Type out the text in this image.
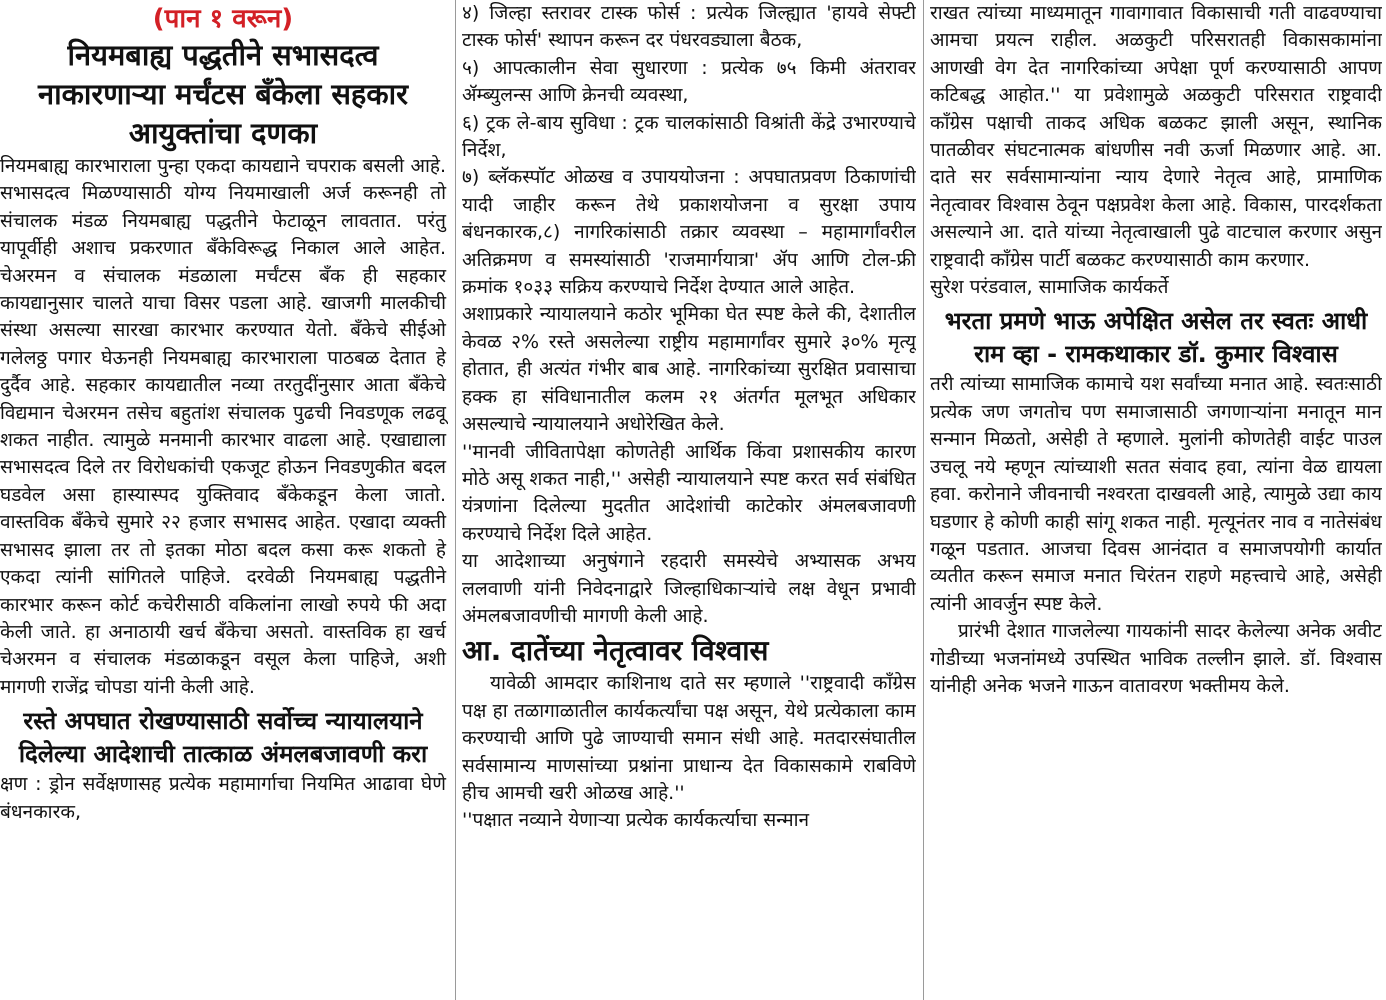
(पान १ वरून)

नियमबाह्य पद्धतीने सभासदत्व नाकारणाऱ्या मर्चंटस बँकेला सहकार आयुक्तांचा दणका

नियमबाह्य कारभाराला पुन्हा एकदा कायद्याने चपराक बसली आहे. सभासदत्व मिळण्यासाठी योग्य नियमाखाली अर्ज करूनही तो संचालक मंडळ नियमबाह्य पद्धतीने फेटाळून लावतात. परंतु यापूर्वीही अशाच प्रकरणात बँकेविरूद्ध निकाल आले आहेत. चेअरमन व संचालक मंडळाला मर्चंटस बँक ही सहकार कायद्यानुसार चालते याचा विसर पडला आहे. खाजगी मालकीची संस्था असल्या सारखा कारभार करण्यात येतो. बँकेचे सीईओ गलेलठ्ठ पगार घेऊनही नियमबाह्य कारभाराला पाठबळ देतात हे दुर्दैव आहे. सहकार कायद्यातील नव्या तरतुदींनुसार आता बँकेचे विद्यमान चेअरमन तसेच बहुतांश संचालक पुढची निवडणूक लढवू शकत नाहीत. त्यामुळे मनमानी कारभार वाढला आहे. एखाद्याला सभासदत्व दिले तर विरोधकांची एकजूट होऊन निवडणुकीत बदल घडवेल असा हास्यास्पद युक्तिवाद बँकेकडून केला जातो. वास्तविक बँकेचे सुमारे २२ हजार सभासद आहेत. एखादा व्यक्ती सभासद झाला तर तो इतका मोठा बदल कसा करू शकतो हे एकदा त्यांनी सांगितले पाहिजे. दरवेळी नियमबाह्य पद्धतीने कारभार करून कोर्ट कचेरीसाठी वकिलांना लाखो रुपये फी अदा केली जाते. हा अनाठायी खर्च बँकेचा असतो. वास्तविक हा खर्च चेअरमन व संचालक मंडळाकडून वसूल केला पाहिजे, अशी मागणी राजेंद्र चोपडा यांनी केली आहे.

रस्ते अपघात रोखण्यासाठी सर्वोच्च न्यायालयाने दिलेल्या आदेशाची तात्काळ अंमलबजावणी करा

क्षण : ड्रोन सर्वेक्षणासह प्रत्येक महामार्गाचा नियमित आढावा घेणे बंधनकारक,

४) जिल्हा स्तरावर टास्क फोर्स : प्रत्येक जिल्ह्यात 'हायवे सेफ्टी टास्क फोर्स' स्थापन करून दर पंधरवड्याला बैठक,

५) आपत्कालीन सेवा सुधारणा : प्रत्येक ७५ किमी अंतरावर ॲम्ब्युलन्स आणि क्रेनची व्यवस्था,

६) ट्रक ले-बाय सुविधा : ट्रक चालकांसाठी विश्रांती केंद्रे उभारण्याचे निर्देश,

७) ब्लॅकस्पॉट ओळख व उपाययोजना : अपघातप्रवण ठिकाणांची यादी जाहीर करून तेथे प्रकाशयोजना व सुरक्षा उपाय बंधनकारक,८) नागरिकांसाठी तक्रार व्यवस्था – महामार्गांवरील अतिक्रमण व समस्यांसाठी 'राजमार्गयात्रा' ॲप आणि टोल-फ्री क्रमांक १०३३ सक्रिय करण्याचे निर्देश देण्यात आले आहेत.

अशाप्रकारे न्यायालयाने कठोर भूमिका घेत स्पष्ट केले की, देशातील केवळ २% रस्ते असलेल्या राष्ट्रीय महामार्गांवर सुमारे ३०% मृत्यू होतात, ही अत्यंत गंभीर बाब आहे. नागरिकांच्या सुरक्षित प्रवासाचा हक्क हा संविधानातील कलम २१ अंतर्गत मूलभूत अधिकार असल्याचे न्यायालयाने अधोरेखित केले.

''मानवी जीवितापेक्षा कोणतेही आर्थिक किंवा प्रशासकीय कारण मोठे असू शकत नाही,'' असेही न्यायालयाने स्पष्ट करत सर्व संबंधित यंत्रणांना दिलेल्या मुदतीत आदेशांची काटेकोर अंमलबजावणी करण्याचे निर्देश दिले आहेत.

या आदेशाच्या अनुषंगाने रहदारी समस्येचे अभ्यासक अभय ललवाणी यांनी निवेदनाद्वारे जिल्हाधिकाऱ्यांचे लक्ष वेधून प्रभावी अंमलबजावणीची मागणी केली आहे.

आ. दातेंच्या नेतृत्वावर विश्वास

यावेळी आमदार काशिनाथ दाते सर म्हणाले ''राष्ट्रवादी काँग्रेस पक्ष हा तळागाळातील कार्यकर्त्यांचा पक्ष असून, येथे प्रत्येकाला काम करण्याची आणि पुढे जाण्याची समान संधी आहे. मतदारसंघातील सर्वसामान्य माणसांच्या प्रश्नांना प्राधान्य देत विकासकामे राबविणे हीच आमची खरी ओळख आहे.''

''पक्षात नव्याने येणाऱ्या प्रत्येक कार्यकर्त्याचा सन्मान

राखत त्यांच्या माध्यमातून गावागावात विकासाची गती वाढवण्याचा आमचा प्रयत्न राहील. अळकुटी परिसरातही विकासकामांना आणखी वेग देत नागरिकांच्या अपेक्षा पूर्ण करण्यासाठी आपण कटिबद्ध आहोत.'' या प्रवेशामुळे अळकुटी परिसरात राष्ट्रवादी काँग्रेस पक्षाची ताकद अधिक बळकट झाली असून, स्थानिक पातळीवर संघटनात्मक बांधणीस नवी ऊर्जा मिळणार आहे. आ. दाते सर सर्वसामान्यांना न्याय देणारे नेतृत्व आहे, प्रामाणिक नेतृत्वावर विश्वास ठेवून पक्षप्रवेश केला आहे. विकास, पारदर्शकता असल्याने आ. दाते यांच्या नेतृत्वाखाली पुढे वाटचाल करणार असुन राष्ट्रवादी काँग्रेस पार्टी बळकट करण्यासाठी काम करणार.

सुरेश परंडवाल, सामाजिक कार्यकर्ते

भरता प्रमणे भाऊ अपेक्षित असेल तर स्वतः आधी राम व्हा - रामकथाकार डॉ. कुमार विश्वास

तरी त्यांच्या सामाजिक कामाचे यश सर्वांच्या मनात आहे. स्वतःसाठी प्रत्येक जण जगतोच पण समाजासाठी जगणाऱ्यांना मनातून मान सन्मान मिळतो, असेही ते म्हणाले. मुलांनी कोणतेही वाईट पाउल उचलू नये म्हणून त्यांच्याशी सतत संवाद हवा, त्यांना वेळ द्यायला हवा. करोनाने जीवनाची नश्वरता दाखवली आहे, त्यामुळे उद्या काय घडणार हे कोणी काही सांगू शकत नाही. मृत्यूनंतर नाव व नातेसंबंध गळून पडतात. आजचा दिवस आनंदात व समाजपयोगी कार्यात व्यतीत करून समाज मनात चिरंतन राहणे महत्त्वाचे आहे, असेही त्यांनी आवर्जुन स्पष्ट केले.

प्रारंभी देशात गाजलेल्या गायकांनी सादर केलेल्या अनेक अवीट गोडीच्या भजनांमध्ये उपस्थित भाविक तल्लीन झाले. डॉ. विश्वास यांनीही अनेक भजने गाऊन वातावरण भक्तीमय केले.
